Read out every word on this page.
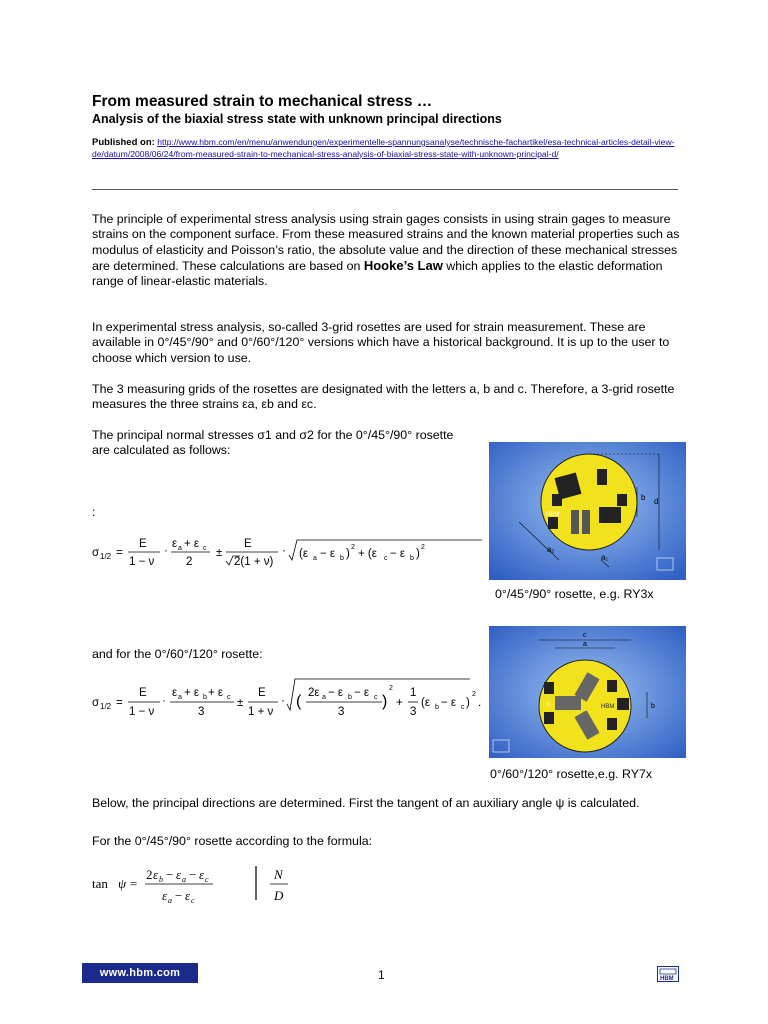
From measured strain to mechanical stress …
Analysis of the biaxial stress state with unknown principal directions
Published on: http://www.hbm.com/en/menu/anwendungen/experimentelle-spannungsanalyse/technische-fachartikel/esa-technical-articles-detail-view-de/datum/2008/06/24/from-measured-strain-to-mechanical-stress-analysis-of-biaxial-stress-state-with-unknown-principal-d/
The principle of experimental stress analysis using strain gages consists in using strain gages to measure strains on the component surface. From these measured strains and the known material properties such as modulus of elasticity and Poisson’s ratio, the absolute value and the direction of these mechanical stresses are determined. These calculations are based on Hooke’s Law which applies to the elastic deformation range of linear-elastic materials.
In experimental stress analysis, so-called 3-grid rosettes are used for strain measurement. These are available in 0°/45°/90° and 0°/60°/120° versions which have a historical background. It is up to the user to choose which version to use.
The 3 measuring grids of the rosettes are designated with the letters a, b and c. Therefore, a 3-grid rosette measures the three strains εa, εb and εc.
The principal normal stresses σ1 and σ2 for the 0°/45°/90° rosette are calculated as follows:
:
σ 1/2 =
E
1 − ν
·
ε a + ε c
2
±
E
2(1 + ν)
· (ε a − ε b )
2
+ (ε c − ε b )
2
HBM
b d
a₂
a₁
0°/45°/90° rosette, e.g. RY3x
HBM
c
c
a
b
0°/60°/120° rosette,e.g. RY7x
and for the 0°/60°/120° rosette:
σ 1/2 =
E
1 − ν
·
ε a + ε b + ε c
3
±
E
1 + ν
· ( 2ε a − ε b − ε c
3
)
2
+
1
3
(ε b − ε c )
2
.
Below, the principal directions are determined. First the tangent of an auxiliary angle ψ is calculated.
For the 0°/45°/90° rosette according to the formula:
tan ψ =
2 ε b − ε a − ε c
ε a − ε c
N
D
www.hbm.com	1	HBM
